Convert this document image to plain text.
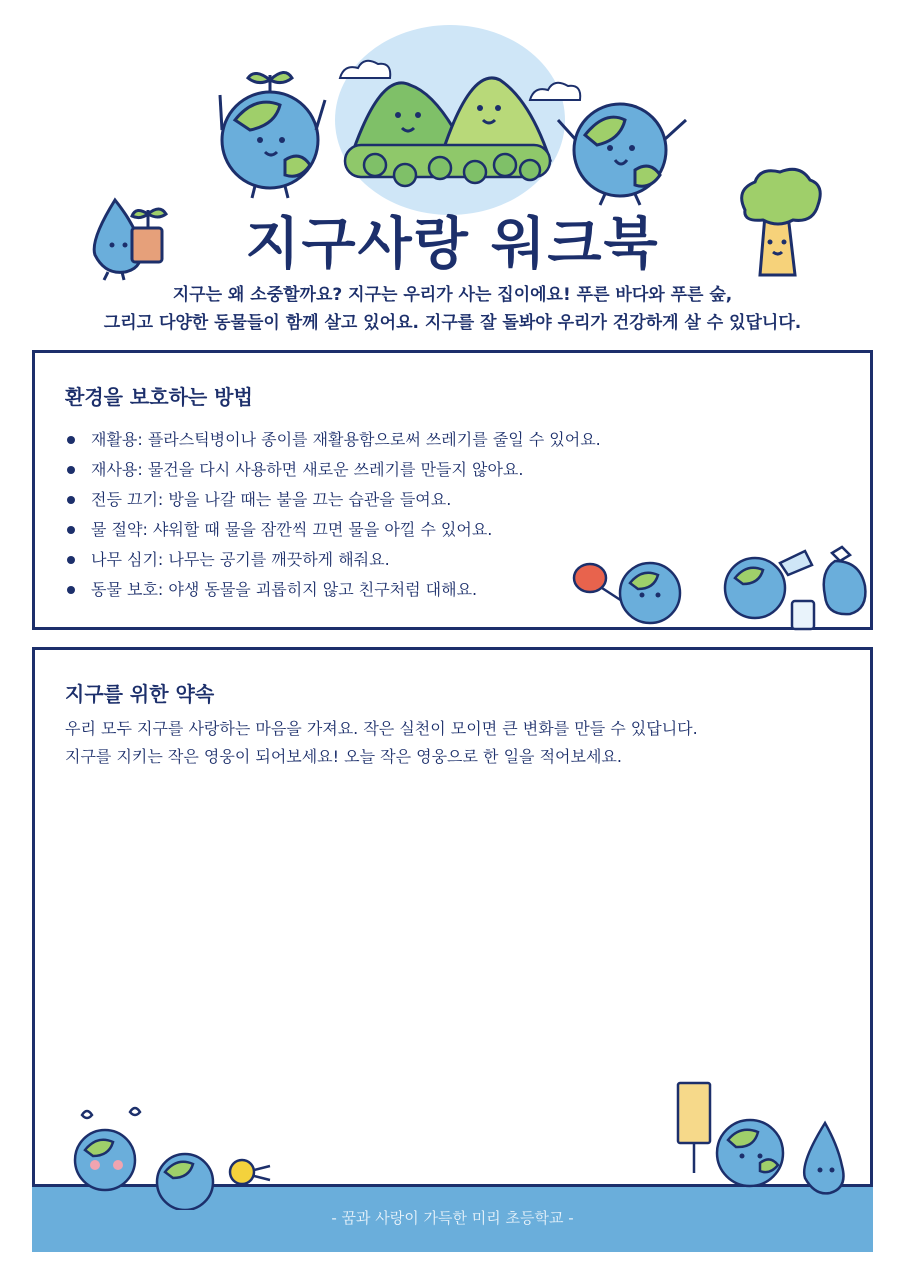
지구사랑 워크북
지구는 왜 소중할까요? 지구는 우리가 사는 집이에요! 푸른 바다와 푸른 숲,
그리고 다양한 동물들이 함께 살고 있어요. 지구를 잘 돌봐야 우리가 건강하게 살 수 있답니다.
환경을 보호하는 방법
재활용: 플라스틱병이나 종이를 재활용함으로써 쓰레기를 줄일 수 있어요.
재사용: 물건을 다시 사용하면 새로운 쓰레기를 만들지 않아요.
전등 끄기: 방을 나갈 때는 불을 끄는 습관을 들여요.
물 절약: 샤워할 때 물을 잠깐씩 끄면 물을 아낄 수 있어요.
나무 심기: 나무는 공기를 깨끗하게 해줘요.
동물 보호: 야생 동물을 괴롭히지 않고 친구처럼 대해요.
지구를 위한 약속
우리 모두 지구를 사랑하는 마음을 가져요. 작은 실천이 모이면 큰 변화를 만들 수 있답니다.
지구를 지키는 작은 영웅이 되어보세요! 오늘 작은 영웅으로 한 일을 적어보세요.
- 꿈과 사랑이 가득한 미리 초등학교 -
